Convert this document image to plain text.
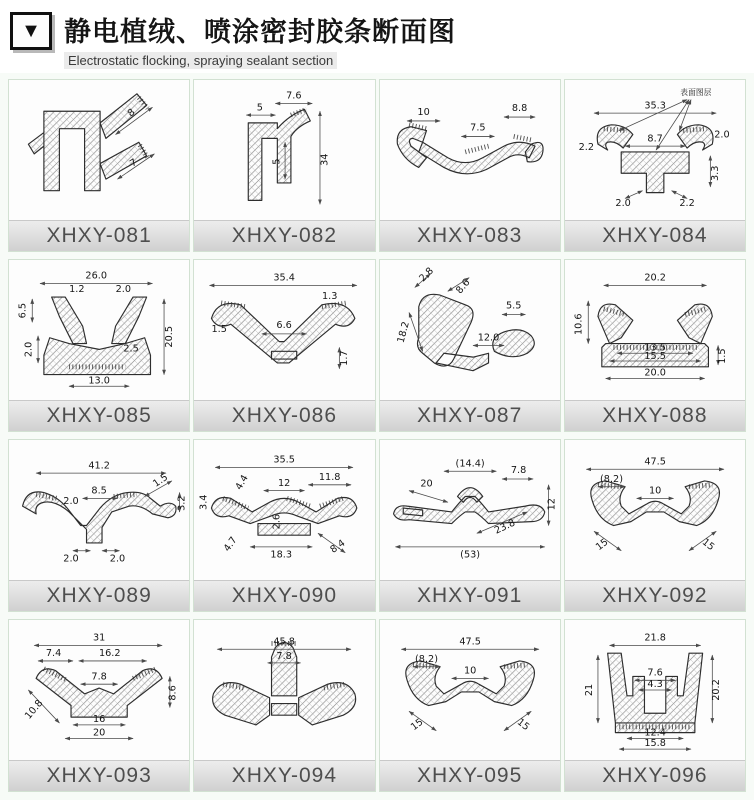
▼ 静电植绒、喷涂密封胶条断面图
Electrostatic flocking, spraying sealant section
8
7
XHXY-081
7.6
5
5	34
XHXY-082
10
7.5
8.8
XHXY-083
表面图层
35.3
8.7	2.0
2.2
3.3
2.0	2.2
XHXY-084
26.0
6.5
1.2	2.0
20.5
2.0	2.5
13.0
XHXY-085
35.4
1.3
1.5	6.6
1.7
XHXY-086
2.8
8.6
18.2	12.0
5.5
XHXY-087
20.2
10.6
13.5
15.5
20.0
1.5
XHXY-088
41.2
8.5
2.0
1.5
3.2
2.0	2.0
XHXY-089
35.5
11.8
12
4.4
3.4
4.7
2.6
18.3	8.4
XHXY-090
(14.4)
7.8
20
23.8
12
(53)
XHXY-091
47.5
(8.2)
10
15	15
XHXY-092
31
7.4	16.2
7.8
10.8
8.6
16
20
XHXY-093
45.8
7.8
XHXY-094
47.5
(8.2)
10
15	15
XHXY-095
21.8
21	20.2
7.6
4.3
12.4
15.8
XHXY-096
